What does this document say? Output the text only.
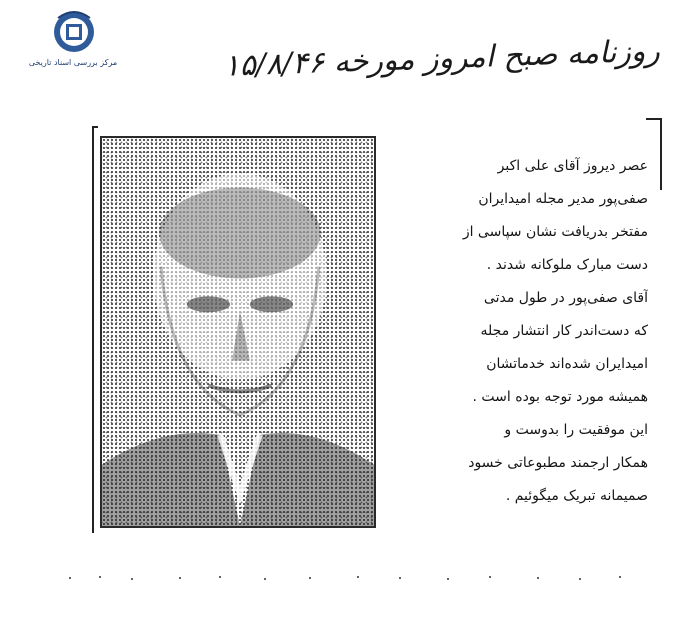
مرکز بررسی اسناد تاریخی	روزنامه صبح امروز مورخه ۱۵/۸/۴۶
عصر دیروز آقای علی اکبر
صفی‌پور مدیر مجله امیدایران
مفتخر بدریافت نشان سپاسی از
دست مبارک ملوکانه شدند .
آقای صفی‌پور در طول مدتی
که دست‌اندر کار انتشار مجله
امیدایران شده‌اند خدماتشان
همیشه مورد توجه بوده است .
این موفقیت را بدوست و
همکار ارجمند مطبوعاتی خسود
صمیمانه تبریک میگوئیم .
